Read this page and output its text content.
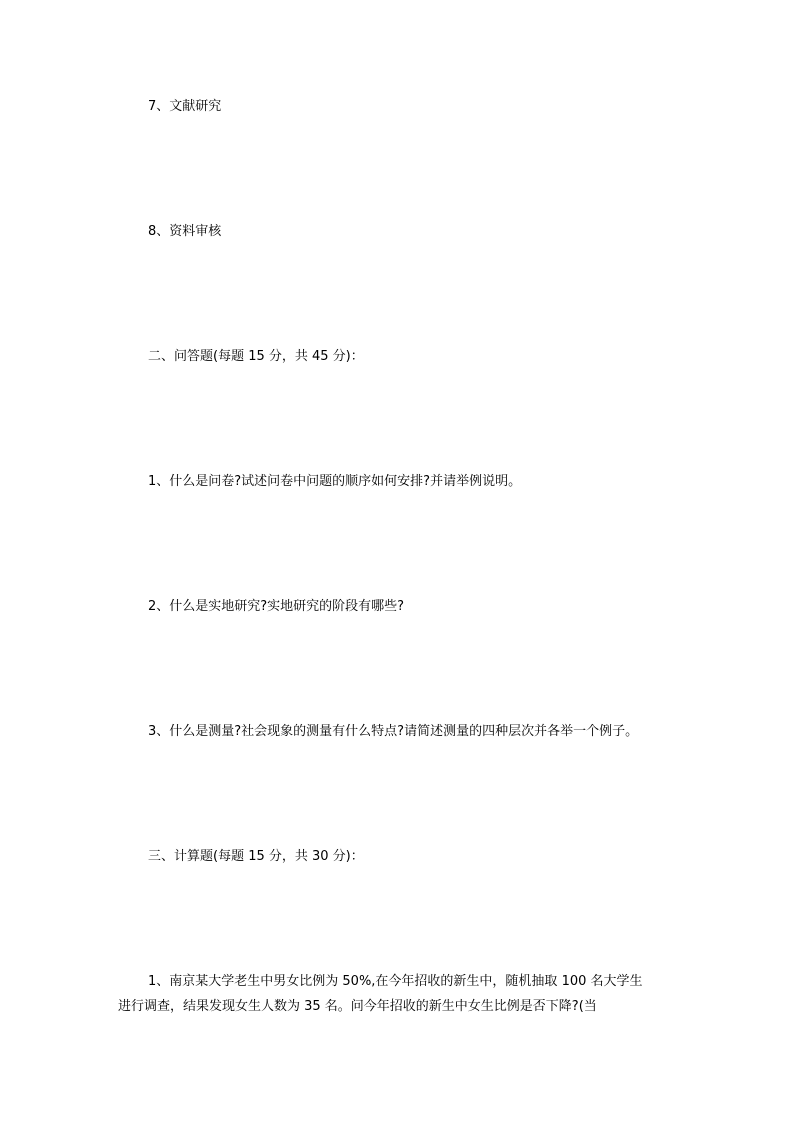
7、文献研究
8、资料审核
二、问答题(每题 15 分，共 45 分)：
1、什么是问卷?试述问卷中问题的顺序如何安排?并请举例说明。
2、什么是实地研究?实地研究的阶段有哪些?
3、什么是测量?社会现象的测量有什么特点?请简述测量的四种层次并各举一个例子。
三、计算题(每题 15 分，共 30 分)：
1、南京某大学老生中男女比例为 50%,在今年招收的新生中，随机抽取 100 名大学生
进行调查，结果发现女生人数为 35 名。问今年招收的新生中女生比例是否下降?(当
